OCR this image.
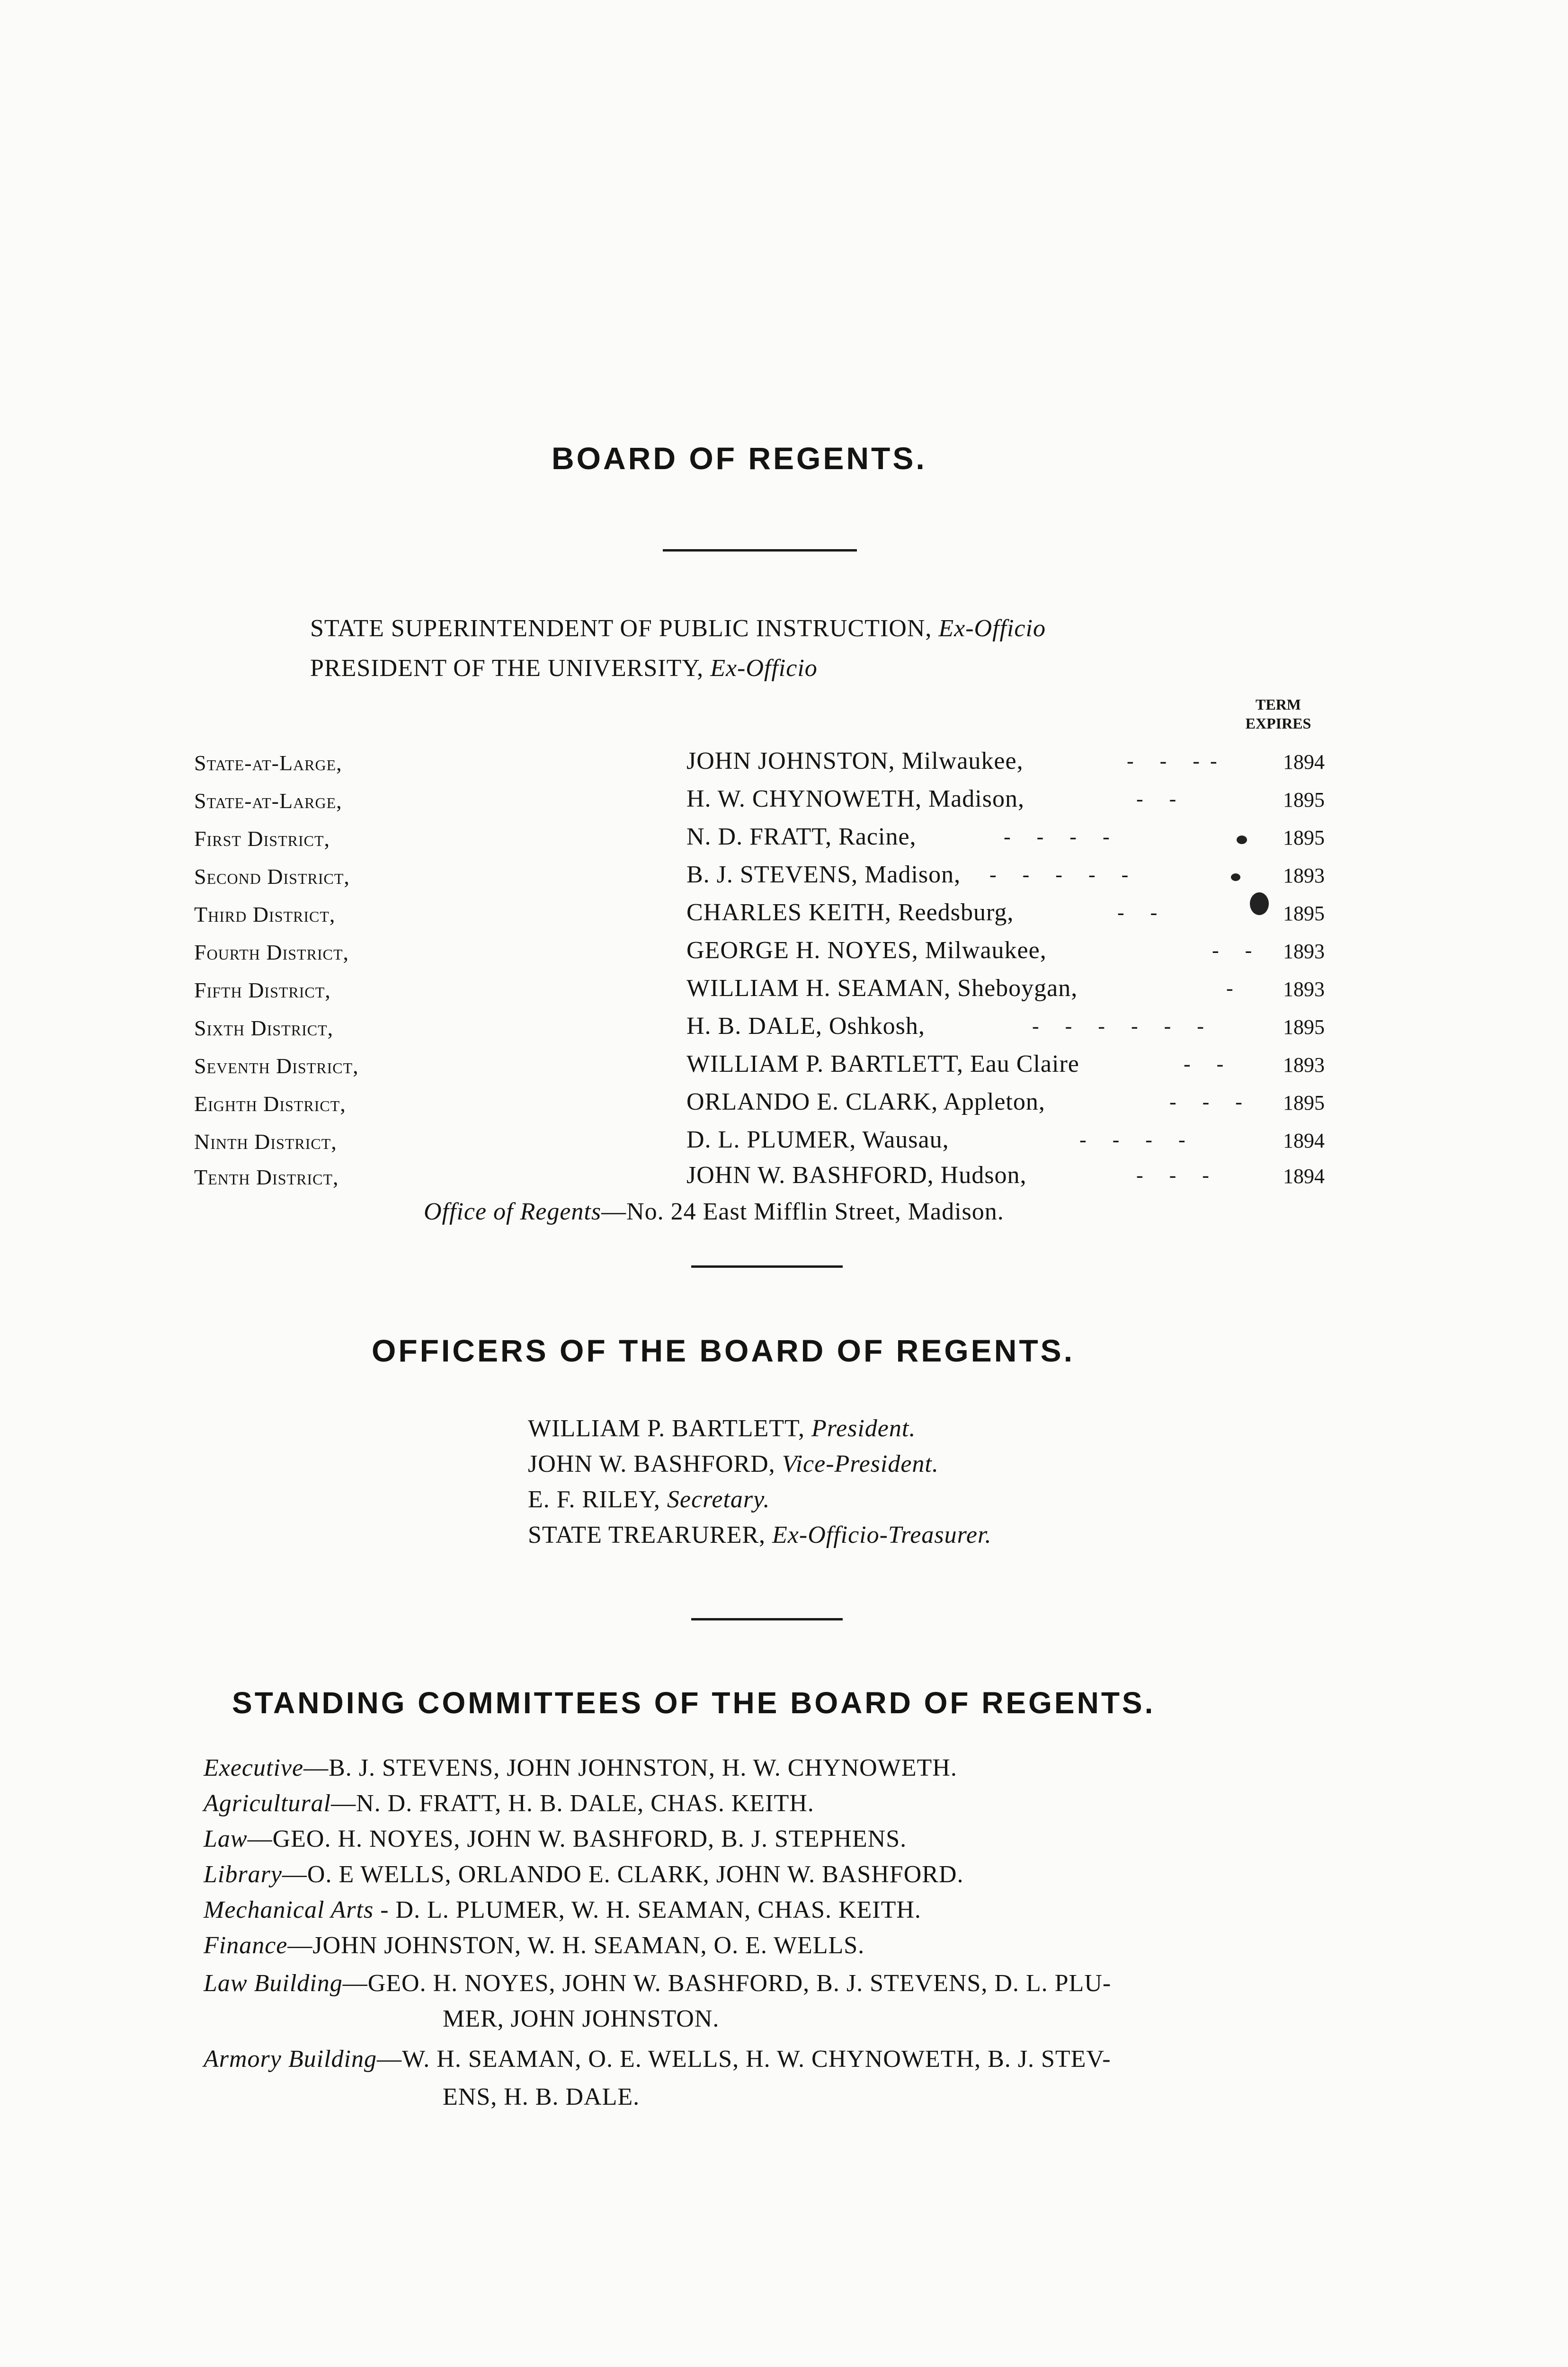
BOARD OF REGENTS.
STATE SUPERINTENDENT OF PUBLIC INSTRUCTION, Ex-Officio
PRESIDENT OF THE UNIVERSITY, Ex-Officio
TERM
EXPIRES
State-at-Large,	JOHN JOHNSTON, Milwaukee,	- - --	1894
State-at-Large,	H. W. CHYNOWETH, Madison,	- -	1895
First District,	N. D. FRATT, Racine,	- - - -	1895
Second District,	B. J. STEVENS, Madison, - - - - -	1893
Third District,	CHARLES KEITH, Reedsburg,	- -	1895
Fourth District,	GEORGE H. NOYES, Milwaukee,	- - 1893
Fifth District,	WILLIAM H. SEAMAN, Sheboygan,	- 1893
Sixth District,	H. B. DALE, Oshkosh,	- - - - - -	1895
Seventh District,	WILLIAM P. BARTLETT, Eau Claire	- - 1893
Eighth District,	ORLANDO E. CLARK, Appleton,	- - - 1895
Ninth District,	D. L. PLUMER, Wausau,	- - - -	1894
Tenth District,	JOHN W. BASHFORD, Hudson,	- - -	1894
Office of Regents—No. 24 East Mifflin Street, Madison.
OFFICERS OF THE BOARD OF REGENTS.
WILLIAM P. BARTLETT, President.
JOHN W. BASHFORD, Vice-President.
E. F. RILEY, Secretary.
STATE TREARURER, Ex-Officio-Treasurer.
STANDING COMMITTEES OF THE BOARD OF REGENTS.
Executive—B. J. STEVENS, JOHN JOHNSTON, H. W. CHYNOWETH.
Agricultural—N. D. FRATT, H. B. DALE, CHAS. KEITH.
Law—GEO. H. NOYES, JOHN W. BASHFORD, B. J. STEPHENS.
Library—O. E WELLS, ORLANDO E. CLARK, JOHN W. BASHFORD.
Mechanical Arts - D. L. PLUMER, W. H. SEAMAN, CHAS. KEITH.
Finance—JOHN JOHNSTON, W. H. SEAMAN, O. E. WELLS.
Law Building—GEO. H. NOYES, JOHN W. BASHFORD, B. J. STEVENS, D. L. PLU-
MER, JOHN JOHNSTON.
Armory Building—W. H. SEAMAN, O. E. WELLS, H. W. CHYNOWETH, B. J. STEV-
ENS, H. B. DALE.
